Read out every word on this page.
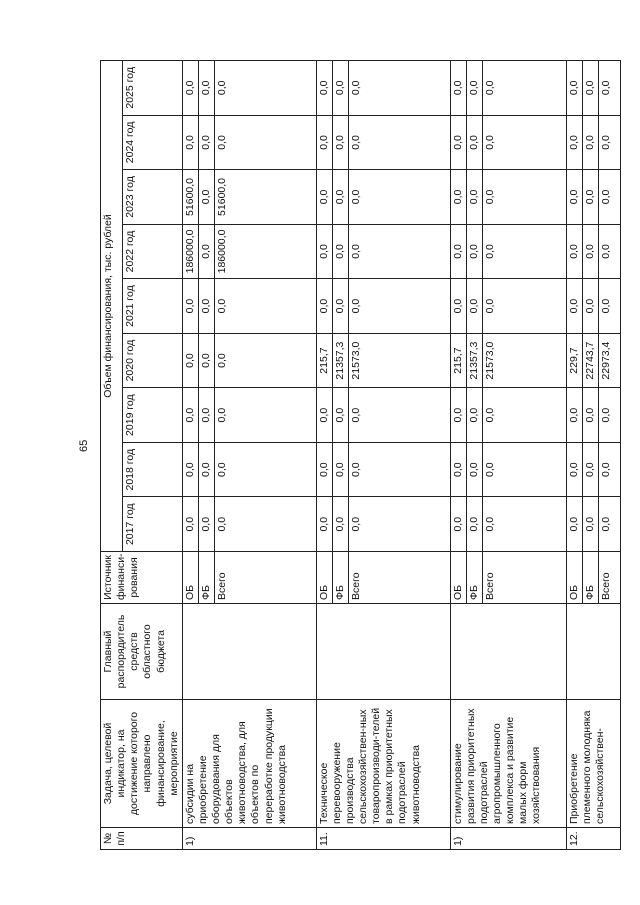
65
№ п/п	Задача, целевой индикатор, на достижение которого направлено финансирование, мероприятие	Главный распорядитель средств областного бюджета	Источник финанси-рования	Объем финансирования, тыс. рублей								
				2017 год	2018 год	2019 год	2020 год	2021 год	2022 год	2023 год	2024 год	2025 год
1)	субсидии на приобретение оборудования для объектов животноводства, для объектов по переработке продукции животноводства		ОБ	0,0	0,0	0,0	0,0	0,0	186000,0	51600,0	0,0	0,0
			ФБ	0,0	0,0	0,0	0,0	0,0	0,0	0,0	0,0	0,0
			Всего	0,0	0,0	0,0	0,0	0,0	186000,0	51600,0	0,0	0,0
11.	Техническое перевооружение производства сельскохозяйствен-ных товаропроизводи-телей в рамках приоритетных подотраслей животноводства		ОБ	0,0	0,0	0,0	215,7	0,0	0,0	0,0	0,0	0,0
			ФБ	0,0	0,0	0,0	21357,3	0,0	0,0	0,0	0,0	0,0
			Всего	0,0	0,0	0,0	21573,0	0,0	0,0	0,0	0,0	0,0
1)	стимулирование развития приоритетных подотраслей агропромышленного комплекса и развитие малых форм хозяйствования		ОБ	0,0	0,0	0,0	215,7	0,0	0,0	0,0	0,0	0,0
			ФБ	0,0	0,0	0,0	21357,3	0,0	0,0	0,0	0,0	0,0
			Всего	0,0	0,0	0,0	21573,0	0,0	0,0	0,0	0,0	0,0
12.	Приобретение племенного молодняка сельскохозяйствен-		ОБ	0,0	0,0	0,0	229,7	0,0	0,0	0,0	0,0	0,0
			ФБ	0,0	0,0	0,0	22743,7	0,0	0,0	0,0	0,0	0,0
			Всего	0,0	0,0	0,0	22973,4	0,0	0,0	0,0	0,0	0,0
